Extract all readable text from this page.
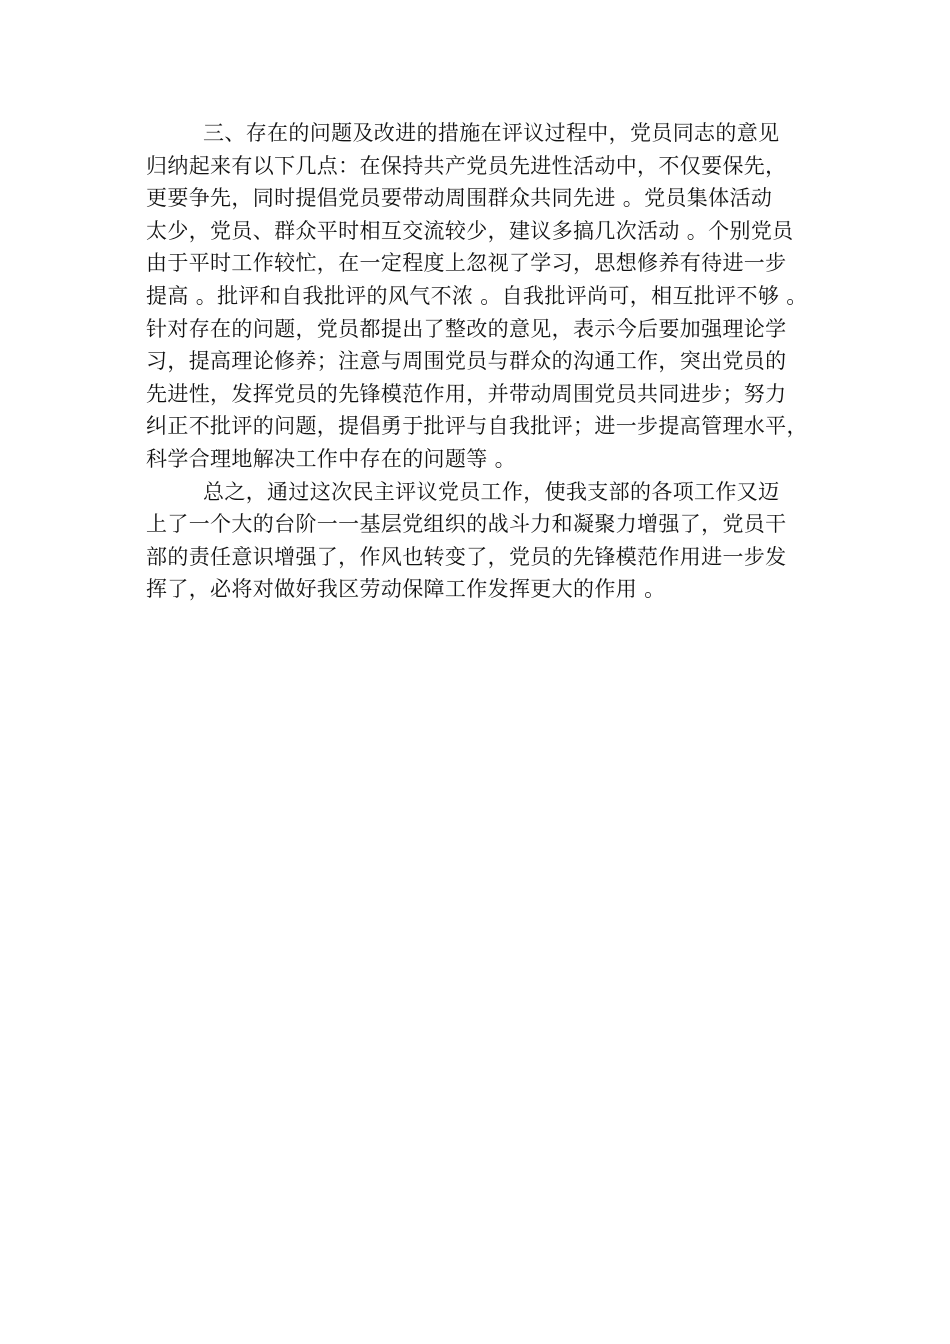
三、存在的问题及改进的措施在评议过程中，党员同志的意见
归纳起来有以下几点：在保持共产党员先进性活动中，不仅要保先，
更要争先，同时提倡党员要带动周围群众共同先进 。党员集体活动
太少，党员、群众平时相互交流较少，建议多搞几次活动 。个别党员
由于平时工作较忙，在一定程度上忽视了学习，思想修养有待进一步
提高 。批评和自我批评的风气不浓 。自我批评尚可，相互批评不够 。
针对存在的问题，党员都提出了整改的意见，表示今后要加强理论学
习，提高理论修养；注意与周围党员与群众的沟通工作，突出党员的
先进性，发挥党员的先锋模范作用，并带动周围党员共同进步；努力
纠正不批评的问题，提倡勇于批评与自我批评；进一步提高管理水平，
科学合理地解决工作中存在的问题等 。
总之，通过这次民主评议党员工作，使我支部的各项工作又迈
上了一个大的台阶一一基层党组织的战斗力和凝聚力增强了，党员干
部的责任意识增强了，作风也转变了，党员的先锋模范作用进一步发
挥了，必将对做好我区劳动保障工作发挥更大的作用 。
